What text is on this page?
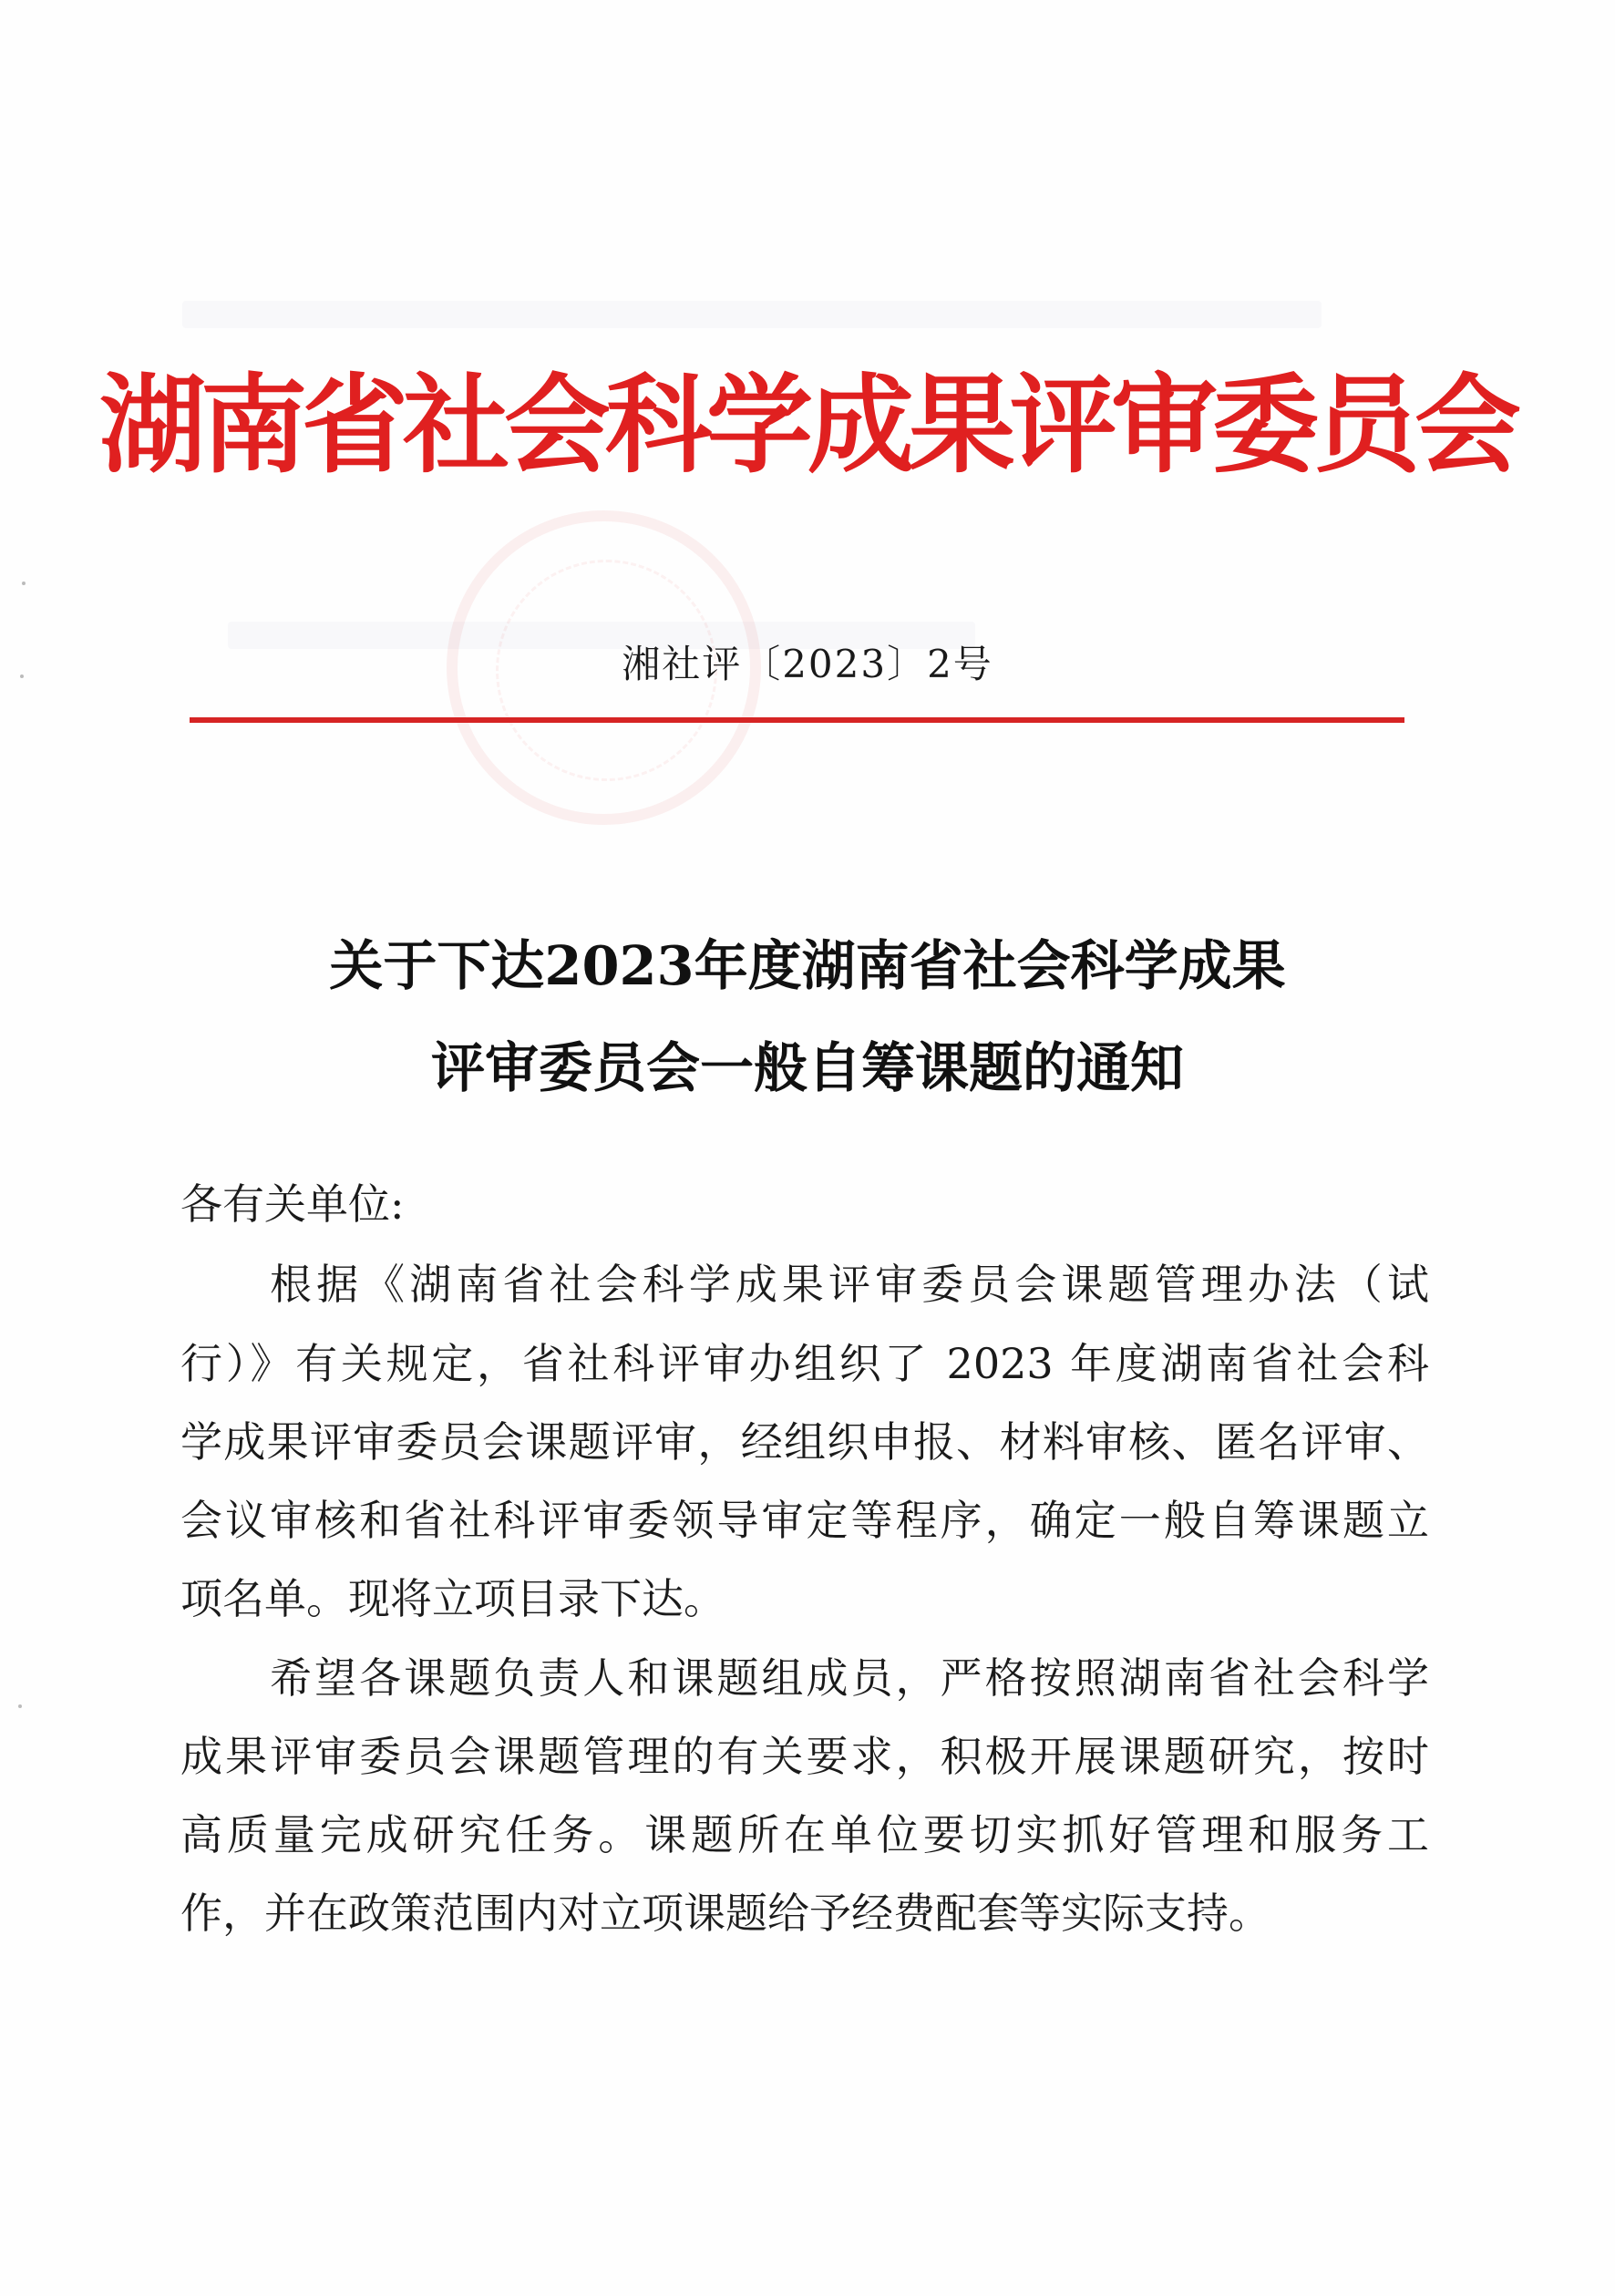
湖南省社会科学成果评审委员会
湘社评〔2023〕2号
关于下达2023年度湖南省社会科学成果
评审委员会一般自筹课题的通知
各有关单位:
根据《湖南省社会科学成果评审委员会课题管理办法（试
行）》有关规定，省社科评审办组织了 2023 年度湖南省社会科
学成果评审委员会课题评审，经组织申报、材料审核、匿名评审、
会议审核和省社科评审委领导审定等程序，确定一般自筹课题立
项名单。现将立项目录下达。
希望各课题负责人和课题组成员，严格按照湖南省社会科学
成果评审委员会课题管理的有关要求，积极开展课题研究，按时
高质量完成研究任务。课题所在单位要切实抓好管理和服务工
作，并在政策范围内对立项课题给予经费配套等实际支持。
